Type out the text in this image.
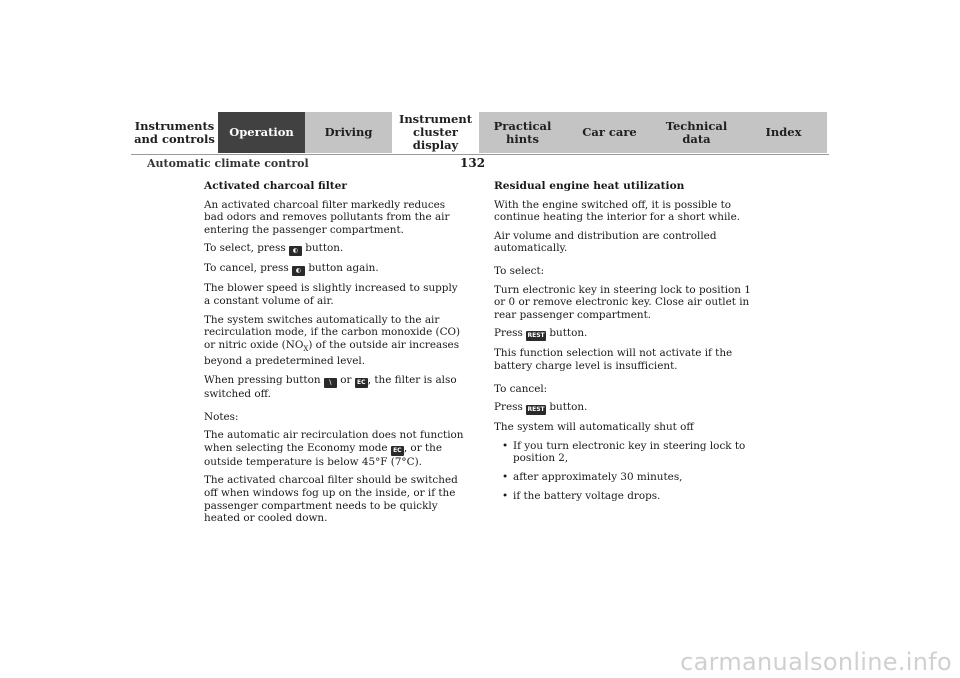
Instruments
and controls	Operation	Driving
Instrument
cluster display
Practical hints	Car care	Technical
data	Index
Automatic climate control	132
Activated charcoal filter

An activated charcoal filter markedly reduces bad odors and removes pollutants from the air entering the passenger compartment.

To select, press ◐ button.

To cancel, press ◐ button again.

The blower speed is slightly increased to supply a constant volume of air.

The system switches automatically to the air recirculation mode, if the carbon monoxide (CO) or nitric oxide $(NO_X)$ of the outside air increases beyond a predetermined level.

When pressing button \ or EC , the filter is also switched off.

Notes:

The automatic air recirculation does not function when selecting the Economy mode EC , or the outside temperature is below 45°F (7°C).

The activated charcoal filter should be switched off when windows fog up on the inside, or if the passenger compartment needs to be quickly heated or cooled down.

Residual engine heat utilization

With the engine switched off, it is possible to continue heating the interior for a short while.

Air volume and distribution are controlled automatically.

To select:

Turn electronic key in steering lock to position 1 or 0 or remove electronic key. Close air outlet in rear passenger compartment.

Press REST button.

This function selection will not activate if the battery charge level is insufficient.

To cancel:

Press REST button.

The system will automatically shut off

• If you turn electronic key in steering lock to position 2,
• after approximately 30 minutes,
• if the battery voltage drops.
carmanualsonline.info
